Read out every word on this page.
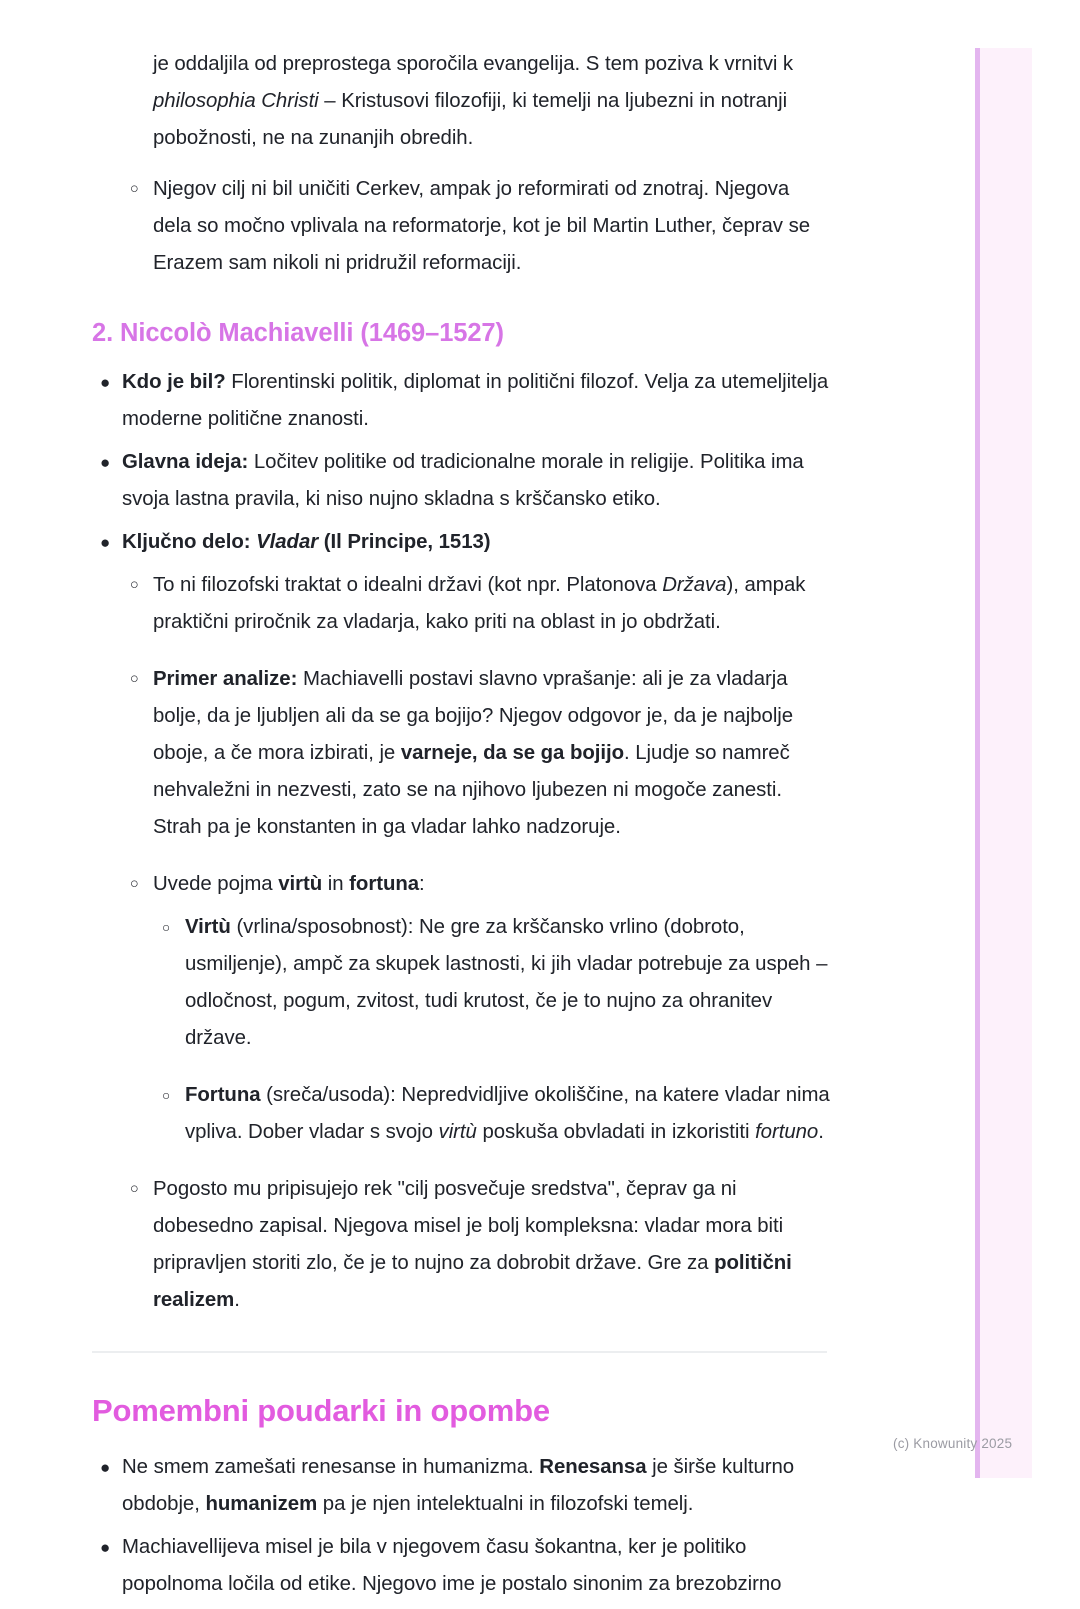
(c) Knowunity 2025
je oddaljila od preprostega sporočila evangelija. S tem poziva k vrnitvi k philosophia Christi – Kristusovi filozofiji, ki temelji na ljubezni in notranji pobožnosti, ne na zunanjih obredih.
○ Njegov cilj ni bil uničiti Cerkev, ampak jo reformirati od znotraj. Njegova dela so močno vplivala na reformatorje, kot je bil Martin Luther, čeprav se Erazem sam nikoli ni pridružil reformaciji.
2. Niccolò Machiavelli (1469–1527)
● Kdo je bil? Florentinski politik, diplomat in politični filozof. Velja za utemeljitelja moderne politične znanosti.
● Glavna ideja: Ločitev politike od tradicionalne morale in religije. Politika ima svoja lastna pravila, ki niso nujno skladna s krščansko etiko.
● Ključno delo: Vladar (Il Principe, 1513)
○ To ni filozofski traktat o idealni državi (kot npr. Platonova Država), ampak praktični priročnik za vladarja, kako priti na oblast in jo obdržati.
○ Primer analize: Machiavelli postavi slavno vprašanje: ali je za vladarja bolje, da je ljubljen ali da se ga bojijo? Njegov odgovor je, da je najbolje oboje, a če mora izbirati, je varneje, da se ga bojijo. Ljudje so namreč nehvaležni in nezvesti, zato se na njihovo ljubezen ni mogoče zanesti. Strah pa je konstanten in ga vladar lahko nadzoruje.
○ Uvede pojma virtù in fortuna:
○ Virtù (vrlina/sposobnost): Ne gre za krščansko vrlino (dobroto, usmiljenje), ampč za skupek lastnosti, ki jih vladar potrebuje za uspeh – odločnost, pogum, zvitost, tudi krutost, če je to nujno za ohranitev države.
○ Fortuna (sreča/usoda): Nepredvidljive okoliščine, na katere vladar nima vpliva. Dober vladar s svojo virtù poskuša obvladati in izkoristiti fortuno.
○ Pogosto mu pripisujejo rek "cilj posvečuje sredstva", čeprav ga ni dobesedno zapisal. Njegova misel je bolj kompleksna: vladar mora biti pripravljen storiti zlo, če je to nujno za dobrobit države. Gre za politični realizem.
Pomembni poudarki in opombe
● Ne smem zamešati renesanse in humanizma. Renesansa je širše kulturno obdobje, humanizem pa je njen intelektualni in filozofski temelj.
● Machiavellijeva misel je bila v njegovem času šokantna, ker je politiko popolnoma ločila od etike. Njegovo ime je postalo sinonim za brezobzirno
